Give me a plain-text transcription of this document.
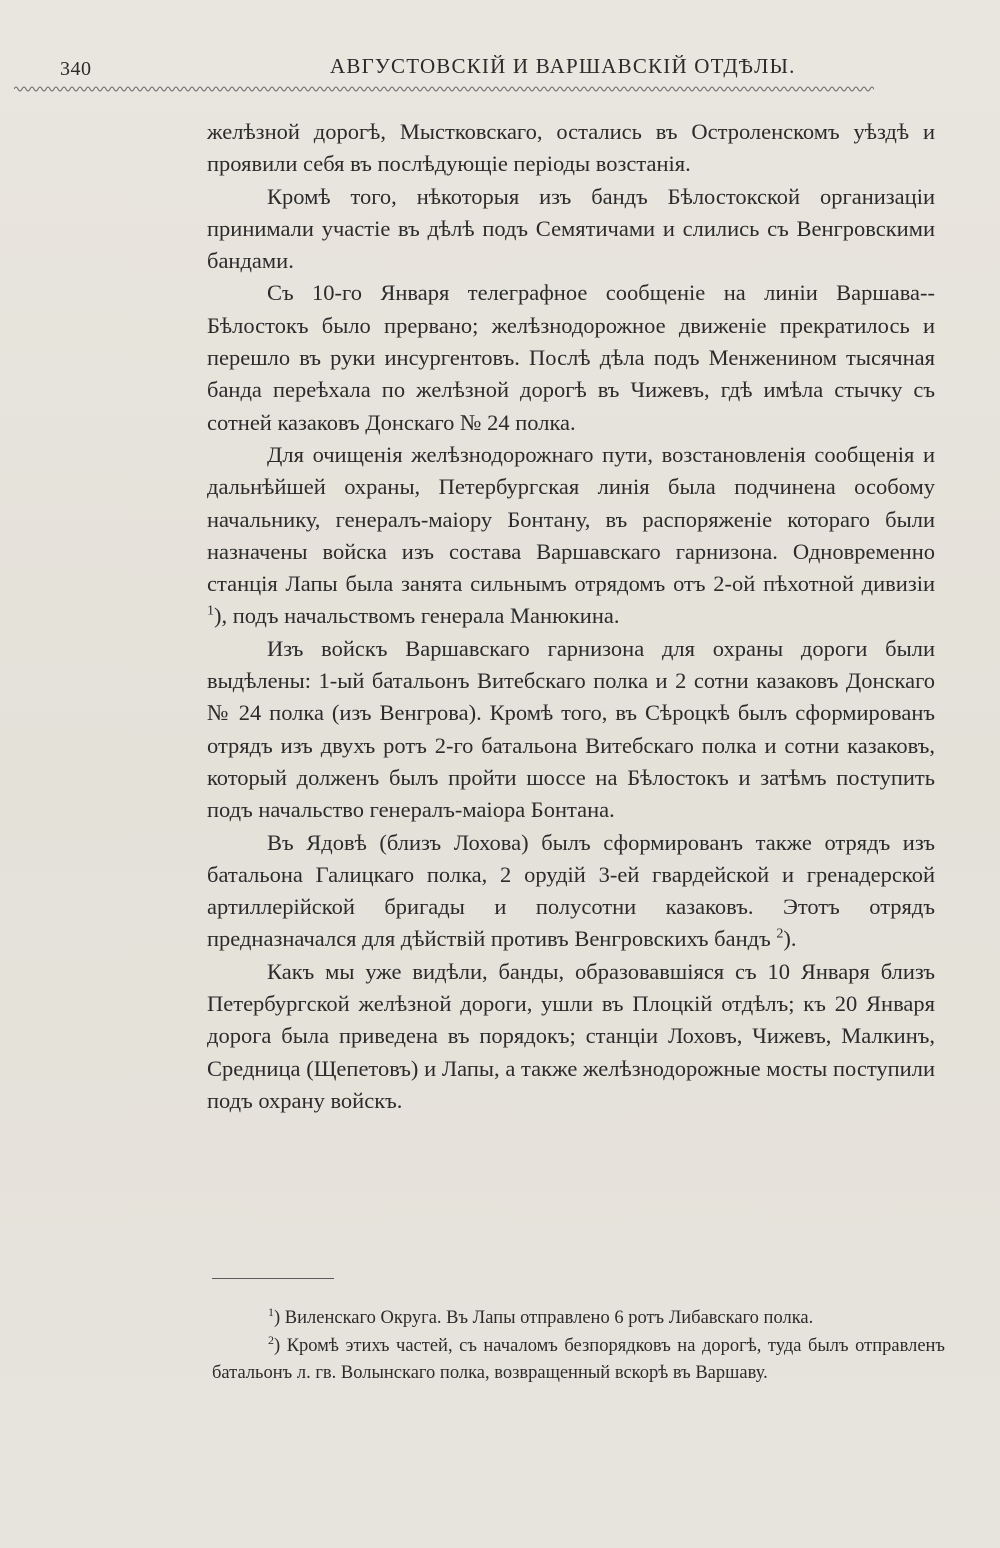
340	АВГУСТОВСКІЙ И ВАРШАВСКІЙ ОТДѢЛЫ.

желѣзной дорогѣ, Мыстковскаго, остались въ Остроленскомъ уѣздѣ и проявили себя въ послѣдующіе періоды возстанія.

Кромѣ того, нѣкоторыя изъ бандъ Бѣлостокской организаціи принимали участіе въ дѣлѣ подъ Семятичами и слились съ Венгровскими бандами.

Съ 10-го Января телеграфное сообщеніе на линіи Варшава--Бѣлостокъ было прервано; желѣзнодорожное движеніе прекратилось и перешло въ руки инсургентовъ. Послѣ дѣла подъ Менженином тысячная банда переѣхала по желѣзной дорогѣ въ Чижевъ, гдѣ имѣла стычку съ сотней казаковъ Донскаго № 24 полка.

Для очищенія желѣзнодорожнаго пути, возстановленія сообщенія и дальнѣйшей охраны, Петербургская линія была подчинена особому начальнику, генералъ-маіору Бонтану, въ распоряженіе котораго были назначены войска изъ состава Варшавскаго гарнизона. Одновременно станція Лапы была занята сильнымъ отрядомъ отъ 2-ой пѣхотной дивизіи $^1$), подъ начальствомъ генерала Манюкина.

Изъ войскъ Варшавскаго гарнизона для охраны дороги были выдѣлены: 1-ый батальонъ Витебскаго полка и 2 сотни казаковъ Донскаго № 24 полка (изъ Венгрова). Кромѣ того, въ Сѣроцкѣ былъ сформированъ отрядъ изъ двухъ ротъ 2-го батальона Витебскаго полка и сотни казаковъ, который долженъ былъ пройти шоссе на Бѣлостокъ и затѣмъ поступить подъ начальство генералъ-маіора Бонтана.

Въ Ядовѣ (близъ Лохова) былъ сформированъ также отрядъ изъ батальона Галицкаго полка, 2 орудій 3-ей гвардейской и гренадерской артиллерійской бригады и полусотни казаковъ. Этотъ отрядъ предназначался для дѣйствій противъ Венгровскихъ бандъ $^2$).

Какъ мы уже видѣли, банды, образовавшіяся съ 10 Января близъ Петербургской желѣзной дороги, ушли въ Плоцкій отдѣлъ; къ 20 Января дорога была приведена въ порядокъ; станціи Лоховъ, Чижевъ, Малкинъ, Средница (Щепетовъ) и Лапы, а также желѣзнодорожные мосты поступили подъ охрану войскъ.

$^1$) Виленскаго Округа. Въ Лапы отправлено 6 ротъ Либавскаго полка.

$^2$) Кромѣ этихъ частей, съ началомъ безпорядковъ на дорогѣ, туда былъ отправленъ батальонъ л. гв. Волынскаго полка, возвращенный вскорѣ въ Варшаву.
